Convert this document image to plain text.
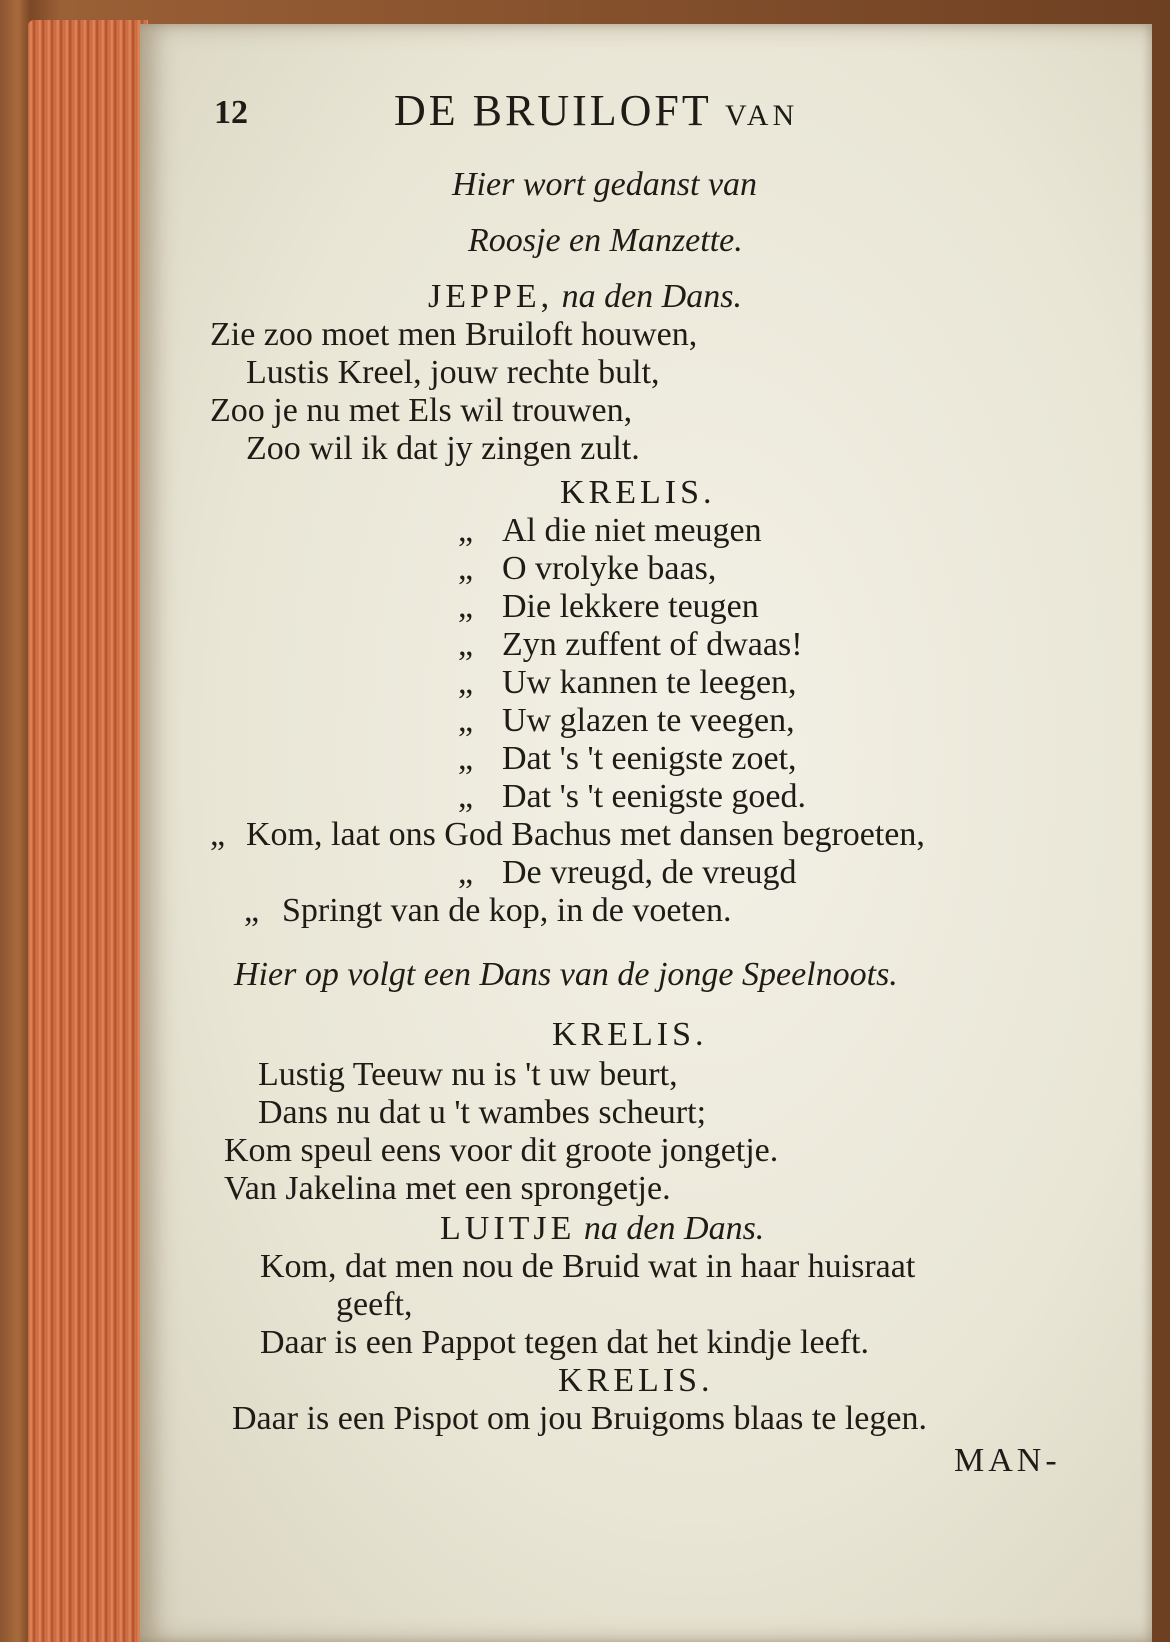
12	DE BRUILOFT VAN
Hier wort gedanst van
Roosje en Manzette.
JEPPE, na den Dans.
Zie zoo moet men Bruiloft houwen,
Lustis Kreel, jouw rechte bult,
Zoo je nu met Els wil trouwen,
Zoo wil ik dat jy zingen zult.
KRELIS.
„ Al die niet meugen
„ O vrolyke baas,
„ Die lekkere teugen
„ Zyn zuffent of dwaas!
„ Uw kannen te leegen,
„ Uw glazen te veegen,
„ Dat 's 't eenigste zoet,
„ Dat 's 't eenigste goed.
„ Kom, laat ons God Bachus met dansen begroeten,
„ De vreugd, de vreugd
„ Springt van de kop, in de voeten.
Hier op volgt een Dans van de jonge Speelnoots.
KRELIS.
Lustig Teeuw nu is 't uw beurt,
Dans nu dat u 't wambes scheurt;
Kom speul eens voor dit groote jongetje.
Van Jakelina met een sprongetje.
LUITJE na den Dans.
Kom, dat men nou de Bruid wat in haar huisraat
geeft,
Daar is een Pappot tegen dat het kindje leeft.
KRELIS.
Daar is een Pispot om jou Bruigoms blaas te legen.
MAN-
